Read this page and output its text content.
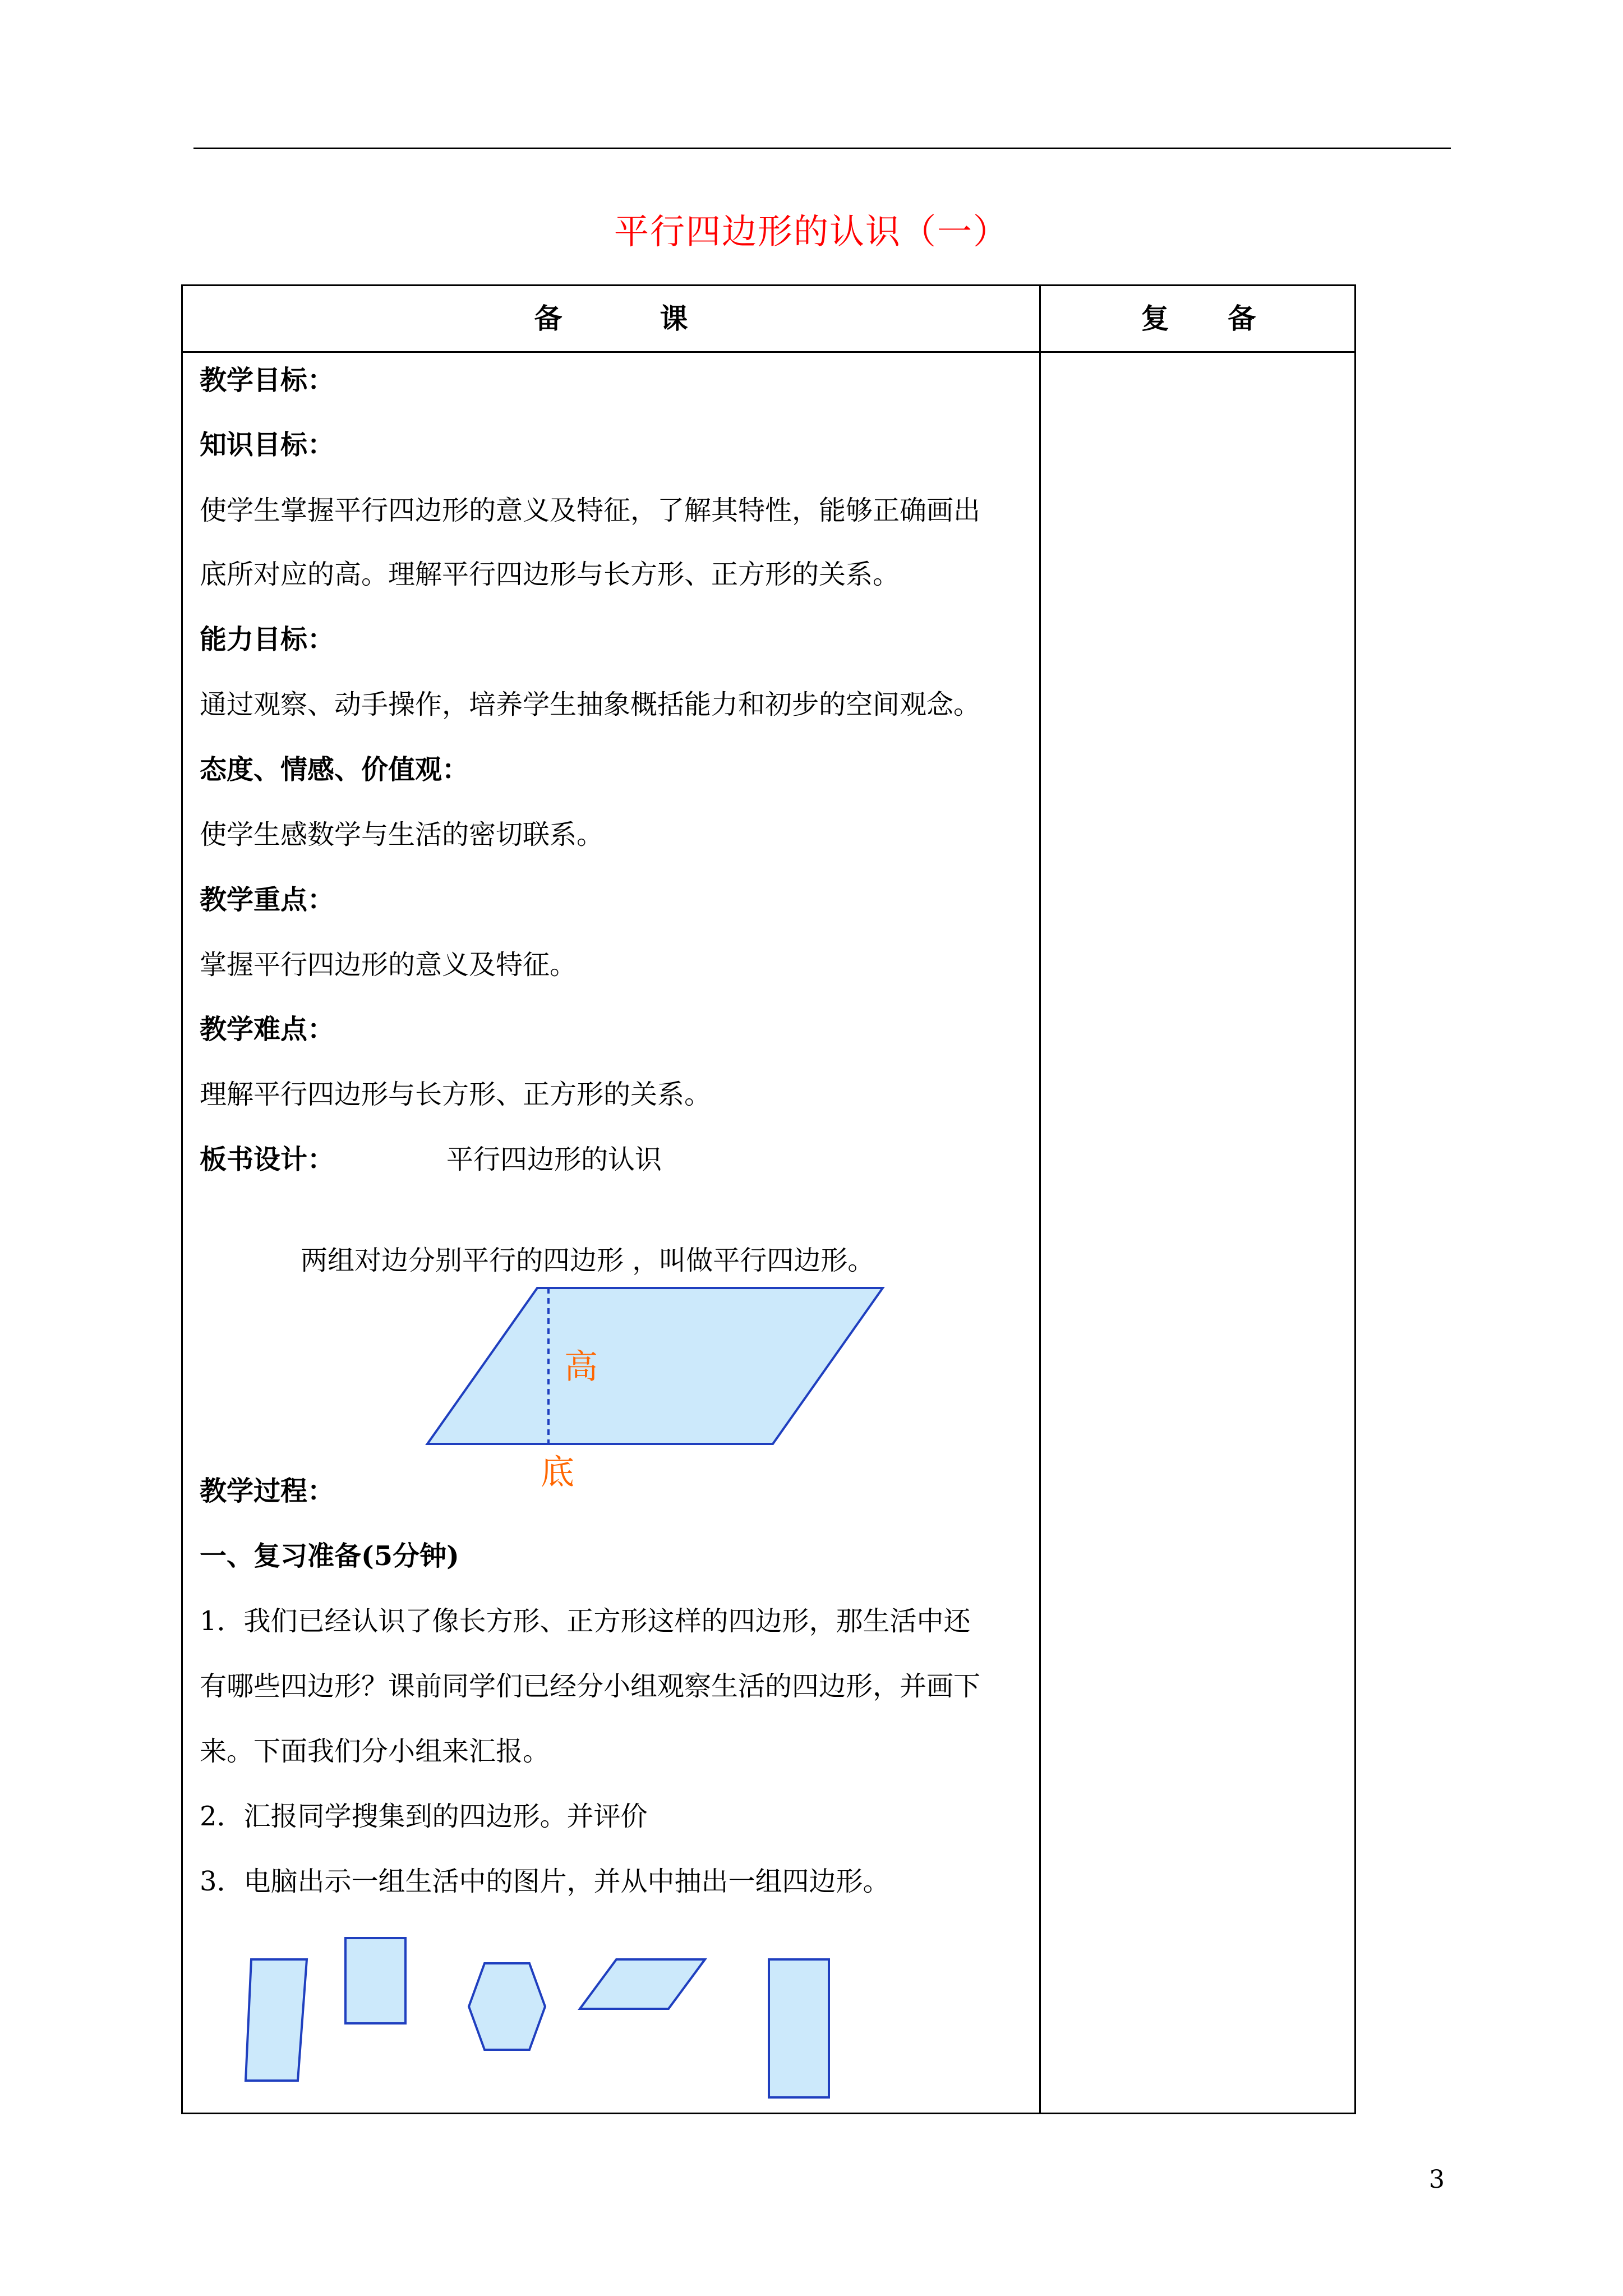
平行四边形的认识（一）
备          课	复      备
教学目标：
知识目标：
使学生掌握平行四边形的意义及特征，了解其特性，能够正确画出
底所对应的高。理解平行四边形与长方形、正方形的关系。
能力目标：
通过观察、动手操作，培养学生抽象概括能力和初步的空间观念。
态度、情感、价值观：
使学生感数学与生活的密切联系。
教学重点：
掌握平行四边形的意义及特征。
教学难点：
理解平行四边形与长方形、正方形的关系。
板书设计：	平行四边形的认识
两组对边分别平行的四边形 ，叫做平行四边形。
高
底
教学过程：
一、复习准备(5分钟)
1．我们已经认识了像长方形、正方形这样的四边形，那生活中还
有哪些四边形？课前同学们已经分小组观察生活的四边形，并画下
来。下面我们分小组来汇报。
2．汇报同学搜集到的四边形。并评价
3．电脑出示一组生活中的图片，并从中抽出一组四边形。
3
